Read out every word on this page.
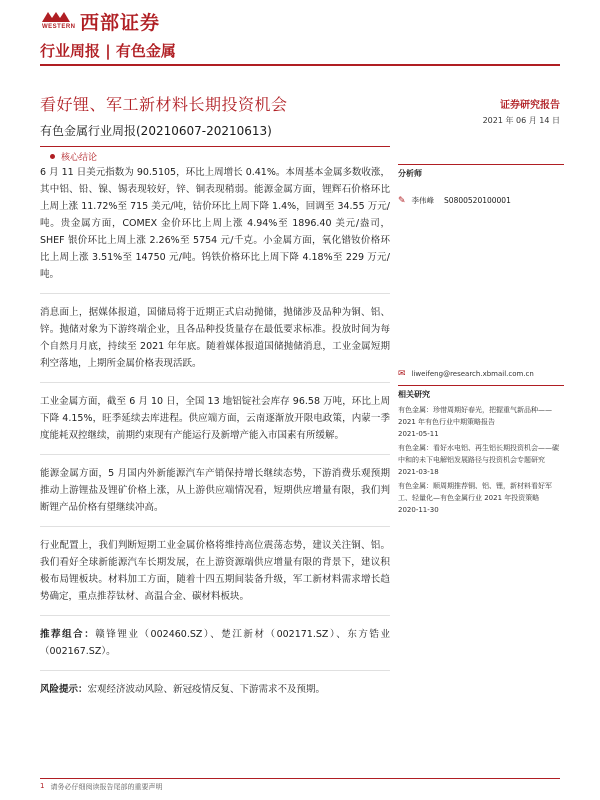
WESTERN 西部证券
行业周报 | 有色金属
看好锂、军工新材料长期投资机会	证券研究报告
2021 年 06 月 14 日
有色金属行业周报(20210607-20210613)
核心结论

6 月 11 日美元指数为 90.5105，环比上周增长 0.41%。本周基本金属多数收涨，其中铝、铅、镍、锡表现较好，锌、铜表现稍弱。能源金属方面，锂辉石价格环比上周上涨 11.72%至 715 美元/吨，钴价环比上周下降 1.4%，回调至 34.55 万元/吨。贵金属方面，COMEX 金价环比上周上涨 4.94%至 1896.40 美元/盎司，SHEF 银价环比上周上涨 2.26%至 5754 元/千克。小金属方面，氧化镨钕价格环比上周上涨 3.51%至 14750 元/吨。钨铁价格环比上周下降 4.18%至 229 万元/吨。

消息面上，据媒体报道，国储局将于近期正式启动抛储，抛储涉及品种为铜、铝、锌。抛储对象为下游终端企业，且各品种投货量存在最低要求标准。投放时间为每个自然月月底，持续至 2021 年年底。随着媒体报道国储抛储消息，工业金属短期利空落地，上期所金属价格表现活跃。

工业金属方面，截至 6 月 10 日，全国 13 地铝锭社会库存 96.58 万吨，环比上周下降 4.15%，旺季延续去库进程。供应端方面，云南逐渐放开限电政策，内蒙一季度能耗双控继续，前期约束现有产能运行及新增产能入市国素有所缓解。

能源金属方面，5 月国内外新能源汽车产销保持增长继续态势，下游消费乐观预期推动上游锂盐及锂矿价格上涨，从上游供应端情况看，短期供应增量有限，我们判断锂产品价格有望继续冲高。

行业配置上，我们判断短期工业金属价格将维持高位震荡态势，建议关注铜、铝。我们看好全球新能源汽车长期发展，在上游资源端供应增量有限的背景下，建议积极布局锂板块。材料加工方面，随着十四五期间装备升级，军工新材料需求增长趋势确定，重点推荐钛材、高温合金、碳材料板块。

推荐组合：赣锋锂业（002460.SZ）、楚江新材（002171.SZ）、东方锆业（002167.SZ）。

风险提示：宏观经济波动风险、新冠疫情反复、下游需求不及预期。

分析师
✎ 李伟峰 S0800520100001
✉ liweifeng@research.xbmail.com.cn
相关研究
有色金属：珍惜周期好春光，把握重气新品种——2021 年有色行业中期策略报告
2021-05-11
有色金属：看好水电铝、再生铝长期投资机会——碳中和的未下电解铝发展路径与投资机会专题研究
2021-03-18
有色金属：顺周期推荐铜、铝、锂，新材料看好军工、轻量化—有色金属行业 2021 年投资策略
2020-11-30
1 请务必仔细阅读报告尾部的重要声明
